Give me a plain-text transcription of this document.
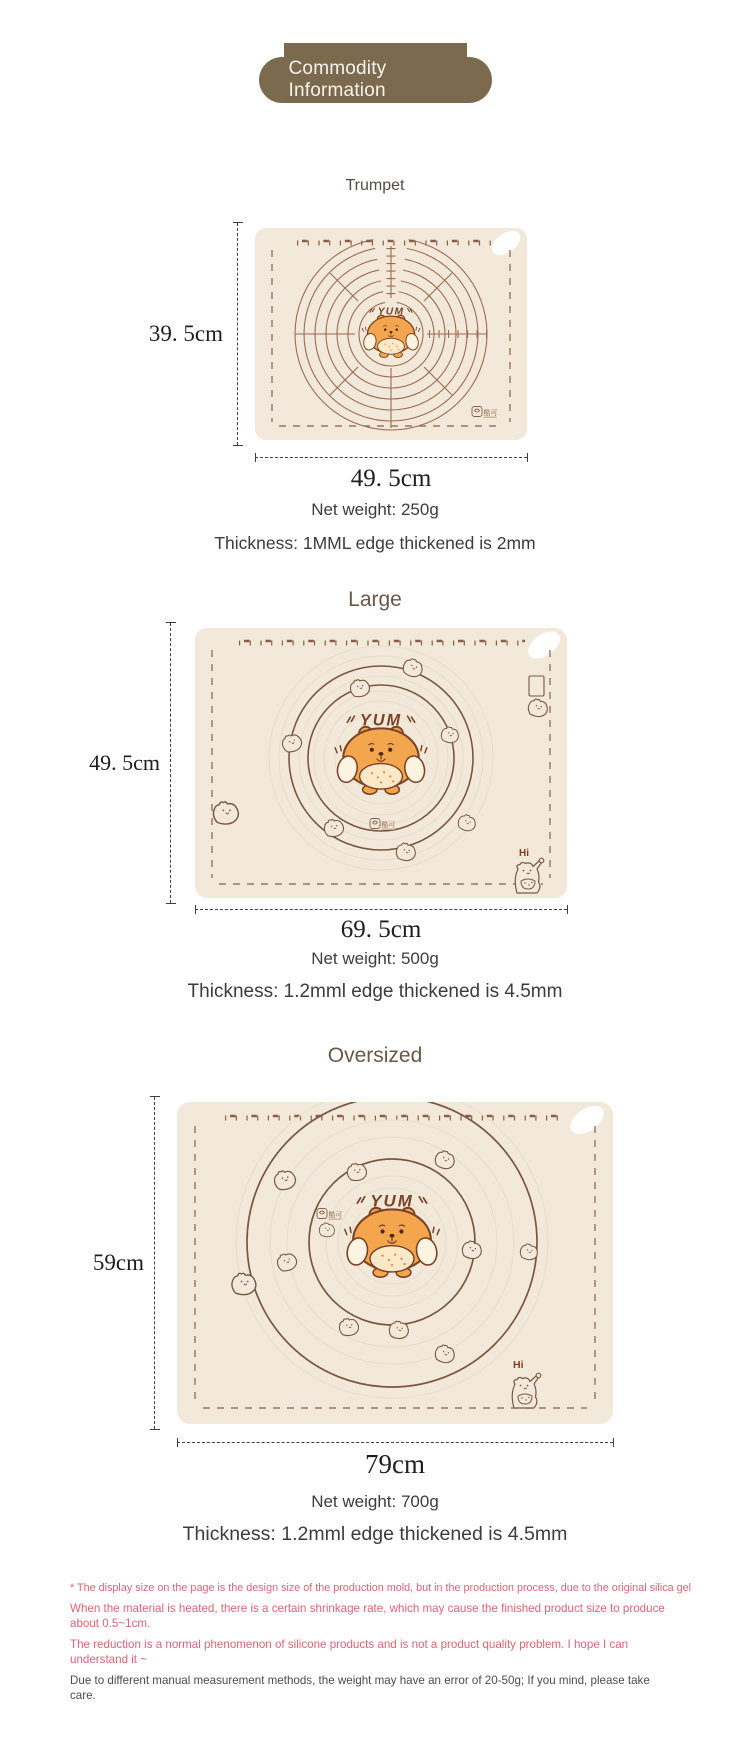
Commodity
Information
Trumpet
39. 5cm
49. 5cm

Net weight: 250g

Thickness: 1MML edge thickened is 2mm

Large
Hi
49. 5cm
69. 5cm

Net weight: 500g

Thickness: 1.2mml edge thickened is 4.5mm

Oversized
Hi
59cm
79cm

Net weight: 700g

Thickness: 1.2mml edge thickened is 4.5mm

* The display size on the page is the design size of the production mold, but in the production process, due to the original silica gel

When the material is heated, there is a certain shrinkage rate, which may cause the finished product size to produce about 0.5~1cm.

The reduction is a normal phenomenon of silicone products and is not a product quality problem. I hope I can understand it ~

Due to different manual measurement methods, the weight may have an error of 20-50g; If you mind, please take care.
